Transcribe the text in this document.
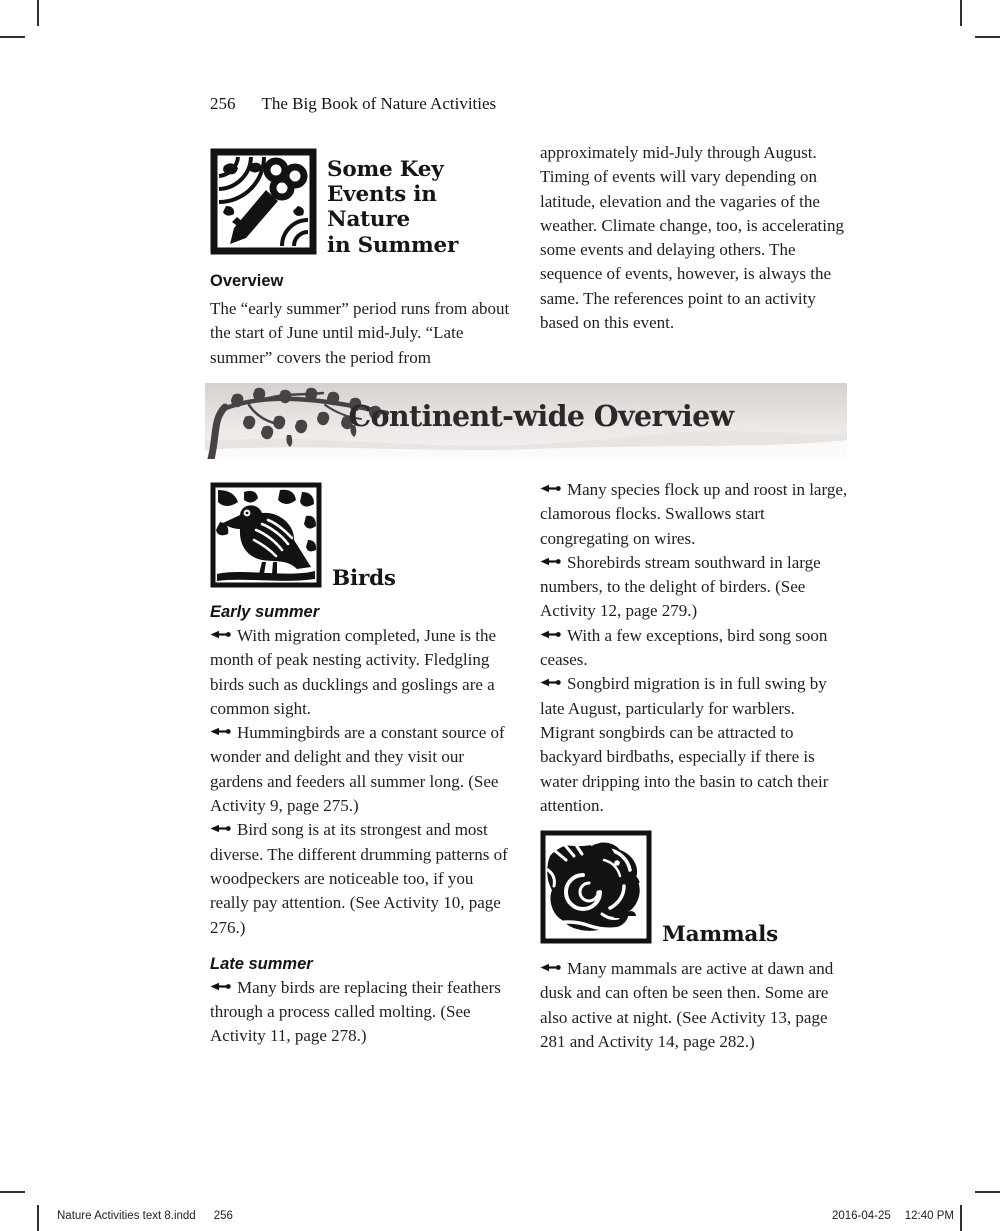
256 The Big Book of Nature Activities
Some Key
Events in Nature
in Summer
Overview

The “early summer” period runs from about the start of June until mid-July. “Late summer” covers the period from

approximately mid-July through August. Timing of events will vary depending on latitude, elevation and the vagaries of the weather. Climate change, too, is accelerating some events and delaying others. The sequence of events, however, is always the same. The references point to an activity based on this event.

Continent-wide Overview
Birds
Early summer

With migration completed, June is the month of peak nesting activity. Fledgling birds such as ducklings and goslings are a common sight.

Hummingbirds are a constant source of wonder and delight and they visit our gardens and feeders all summer long. (See Activity 9, page 275.)

Bird song is at its strongest and most diverse. The different drumming patterns of woodpeckers are noticeable too, if you really pay attention. (See Activity 10, page 276.)

Late summer

Many birds are replacing their feathers through a process called molting. (See Activity 11, page 278.)

Many species flock up and roost in large, clamorous flocks. Swallows start congregating on wires.

Shorebirds stream southward in large numbers, to the delight of birders. (See Activity 12, page 279.)

With a few exceptions, bird song soon ceases.

Songbird migration is in full swing by late August, particularly for warblers. Migrant songbirds can be attracted to backyard birdbaths, especially if there is water dripping into the basin to catch their attention.

Mammals

Many mammals are active at dawn and dusk and can often be seen then. Some are also active at night. (See Activity 13, page 281 and Activity 14, page 282.)

Nature Activities text 8.indd 256	2016-04-25 12:40 PM
